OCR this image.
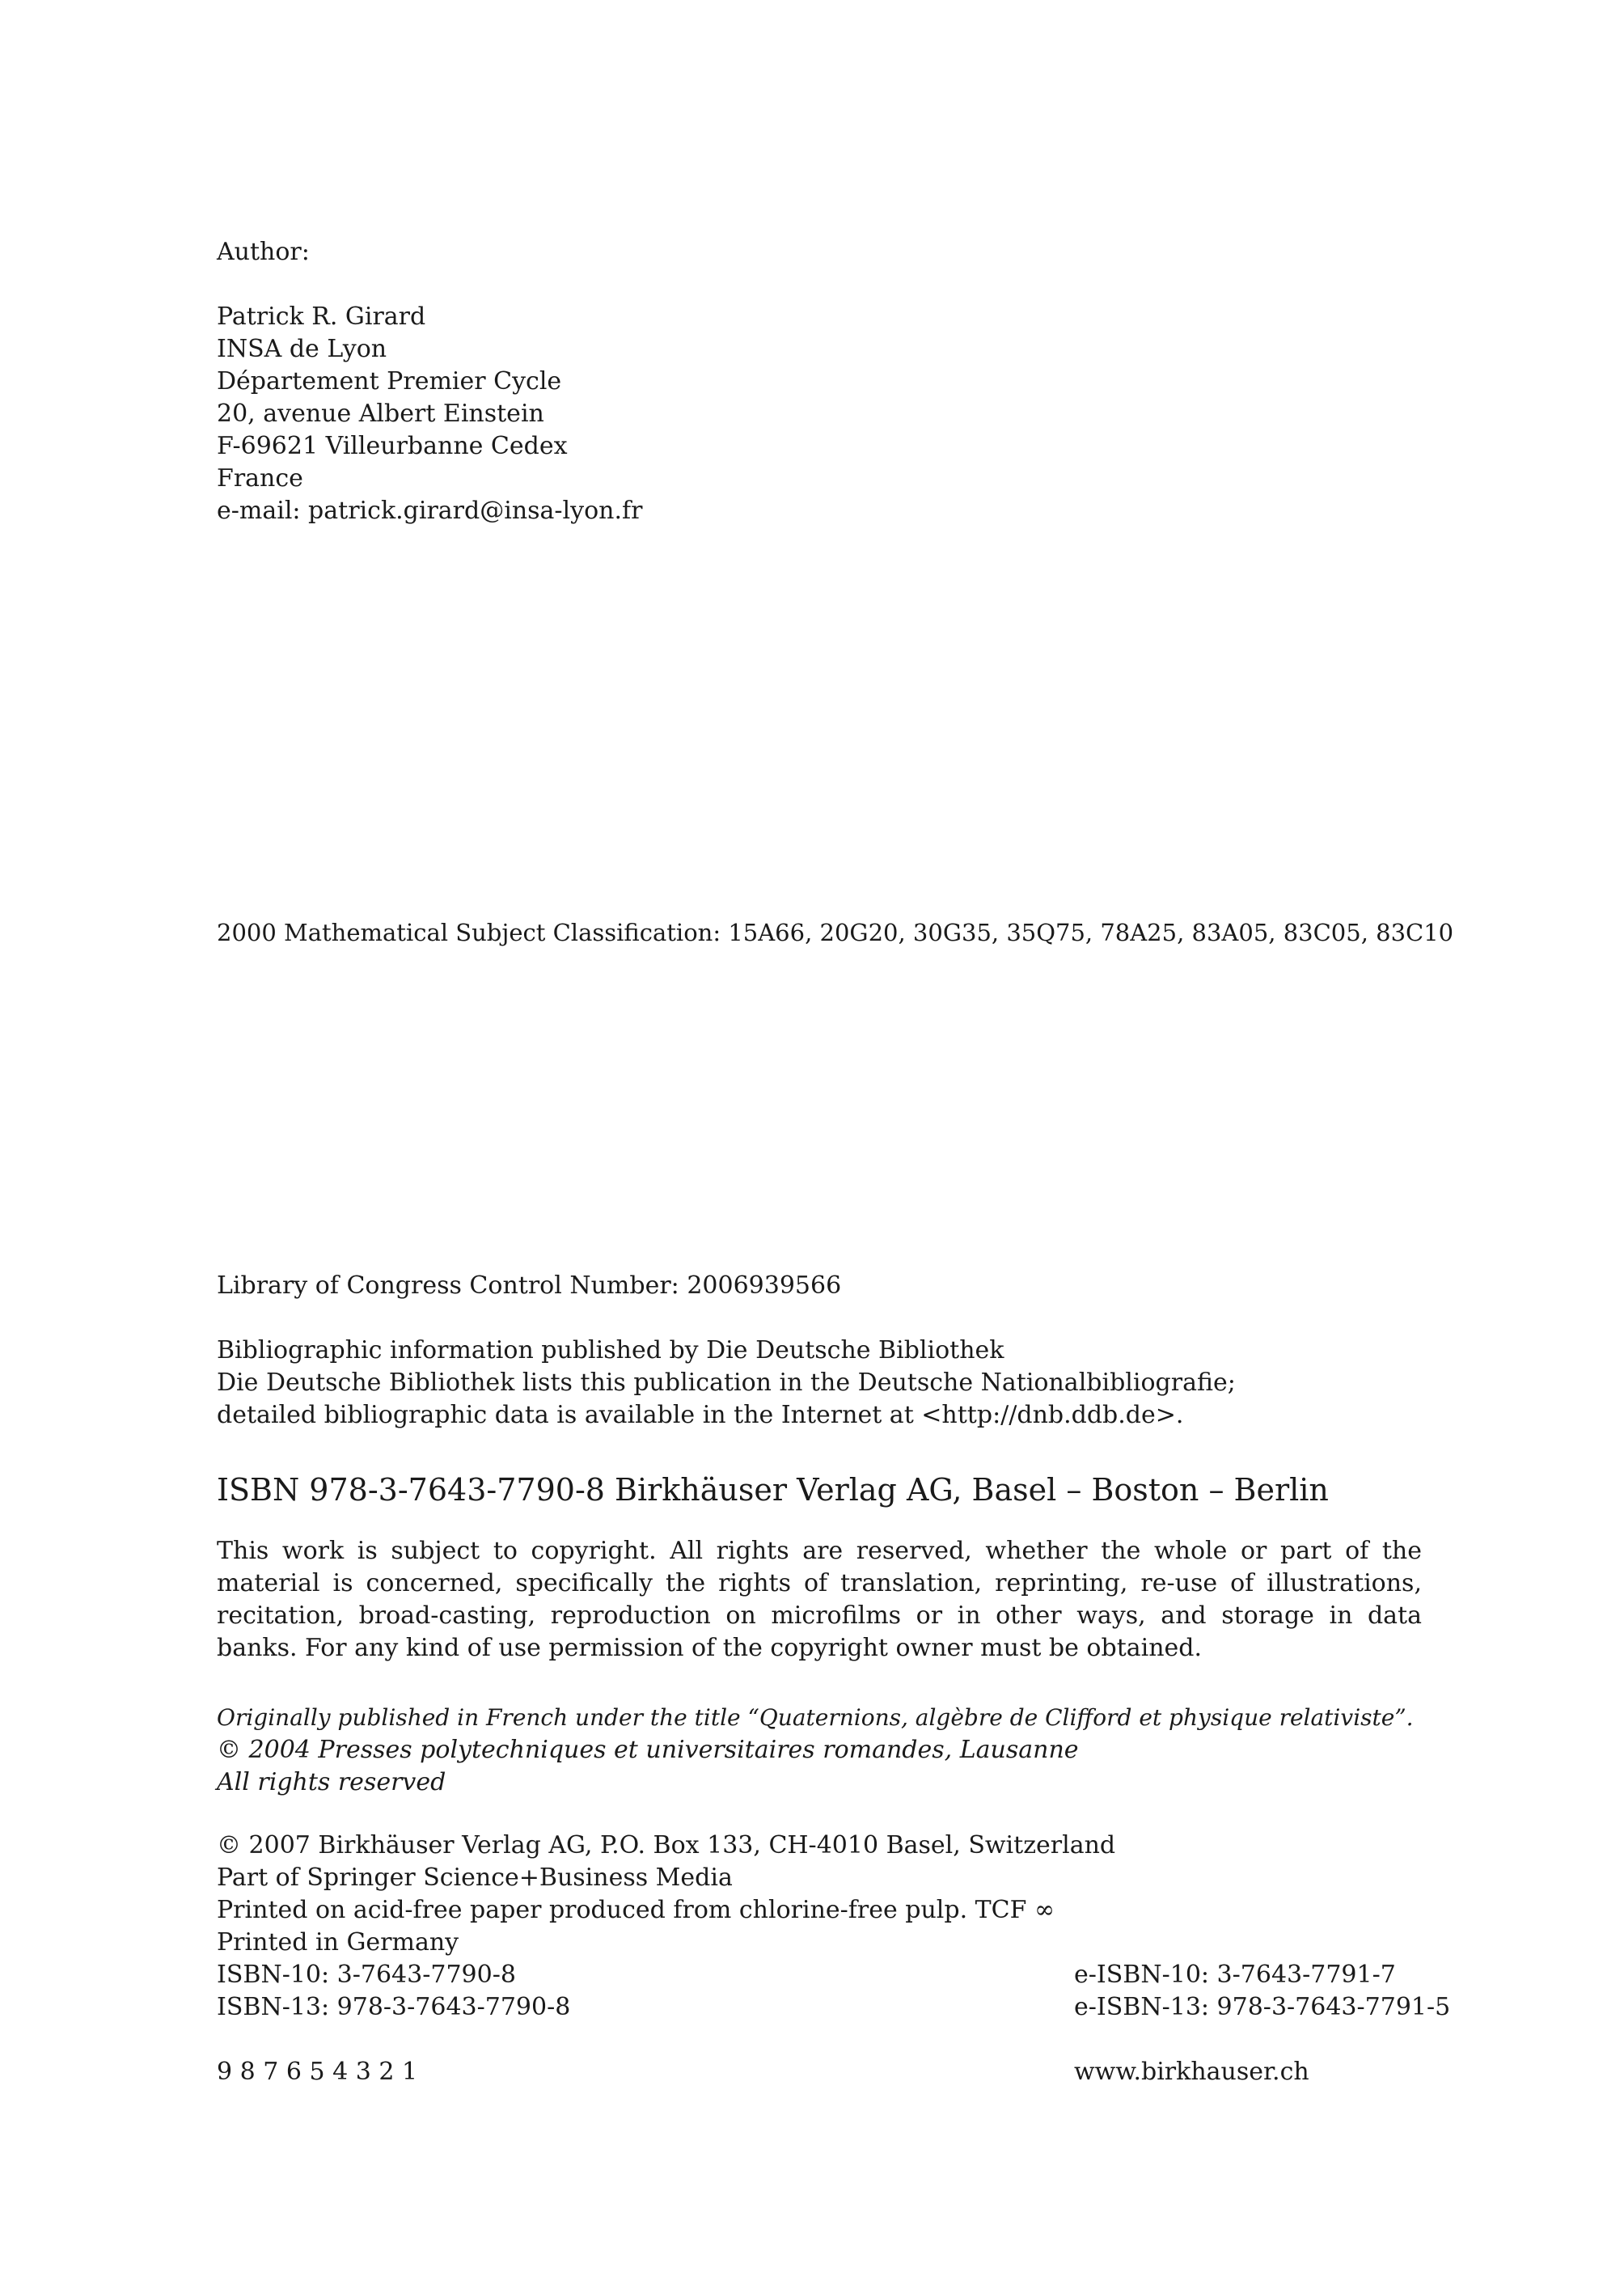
Author:
Patrick R. Girard
INSA de Lyon
Département Premier Cycle
20, avenue Albert Einstein
F-69621 Villeurbanne Cedex
France
e-mail: patrick.girard@insa-lyon.fr
2000 Mathematical Subject Classification: 15A66, 20G20, 30G35, 35Q75, 78A25, 83A05, 83C05, 83C10
Library of Congress Control Number: 2006939566
Bibliographic information published by Die Deutsche Bibliothek
Die Deutsche Bibliothek lists this publication in the Deutsche Nationalbibliografie;
detailed bibliographic data is available in the Internet at <http://dnb.ddb.de>.
ISBN 978-3-7643-7790-8 Birkhäuser Verlag AG, Basel – Boston – Berlin

This work is subject to copyright. All rights are reserved, whether the whole or part of the material is concerned, specifically the rights of translation, reprinting, re-use of illustrations, recitation, broad-casting, reproduction on microfilms or in other ways, and storage in data banks. For any kind of use permission of the copyright owner must be obtained.

Originally published in French under the title “Quaternions, algèbre de Clifford et physique relativiste”.
© 2004 Presses polytechniques et universitaires romandes, Lausanne
All rights reserved
© 2007 Birkhäuser Verlag AG, P.O. Box 133, CH-4010 Basel, Switzerland
Part of Springer Science+Business Media
Printed on acid-free paper produced from chlorine-free pulp. TCF ∞
Printed in Germany
ISBN-10: 3-7643-7790-8	e-ISBN-10: 3-7643-7791-7
ISBN-13: 978-3-7643-7790-8	e-ISBN-13: 978-3-7643-7791-5
9 8 7 6 5 4 3 2 1	www.birkhauser.ch
